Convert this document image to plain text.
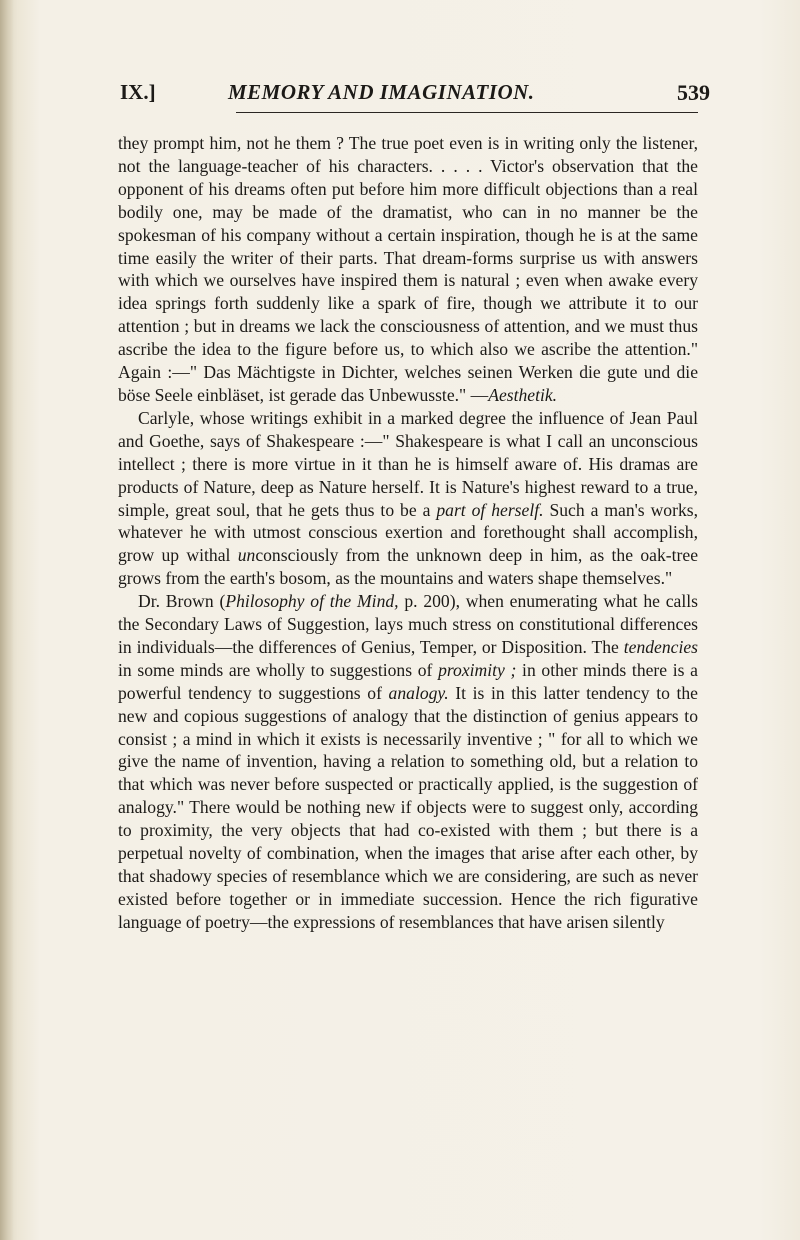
IX.]	MEMORY AND IMAGINATION.	539

they prompt him, not he them ? The true poet even is in writing only the listener, not the language-teacher of his characters. . . . . Victor's observation that the opponent of his dreams often put before him more difficult objections than a real bodily one, may be made of the dramatist, who can in no manner be the spokesman of his company without a certain inspiration, though he is at the same time easily the writer of their parts. That dream-forms surprise us with answers with which we ourselves have inspired them is natural ; even when awake every idea springs forth suddenly like a spark of fire, though we attribute it to our attention ; but in dreams we lack the consciousness of attention, and we must thus ascribe the idea to the figure before us, to which also we ascribe the attention." Again :—" Das Mächtigste in Dichter, welches seinen Werken die gute und die böse Seele einbläset, ist gerade das Unbewusste." —Aesthetik.

Carlyle, whose writings exhibit in a marked degree the influence of Jean Paul and Goethe, says of Shakespeare :—" Shakespeare is what I call an unconscious intellect ; there is more virtue in it than he is himself aware of. His dramas are products of Nature, deep as Nature herself. It is Nature's highest reward to a true, simple, great soul, that he gets thus to be a part of herself. Such a man's works, whatever he with utmost conscious exertion and forethought shall accomplish, grow up withal unconsciously from the unknown deep in him, as the oak-tree grows from the earth's bosom, as the mountains and waters shape themselves."

Dr. Brown (Philosophy of the Mind, p. 200), when enumerating what he calls the Secondary Laws of Suggestion, lays much stress on constitutional differences in individuals—the differences of Genius, Temper, or Disposition. The tendencies in some minds are wholly to suggestions of proximity ; in other minds there is a powerful tendency to suggestions of analogy. It is in this latter tendency to the new and copious suggestions of analogy that the distinction of genius appears to consist ; a mind in which it exists is necessarily inventive ; " for all to which we give the name of invention, having a relation to something old, but a relation to that which was never before suspected or practically applied, is the suggestion of analogy." There would be nothing new if objects were to suggest only, according to proximity, the very objects that had co-existed with them ; but there is a perpetual novelty of combination, when the images that arise after each other, by that shadowy species of resemblance which we are considering, are such as never existed before together or in immediate succession. Hence the rich figurative language of poetry—the expressions of resemblances that have arisen silently
